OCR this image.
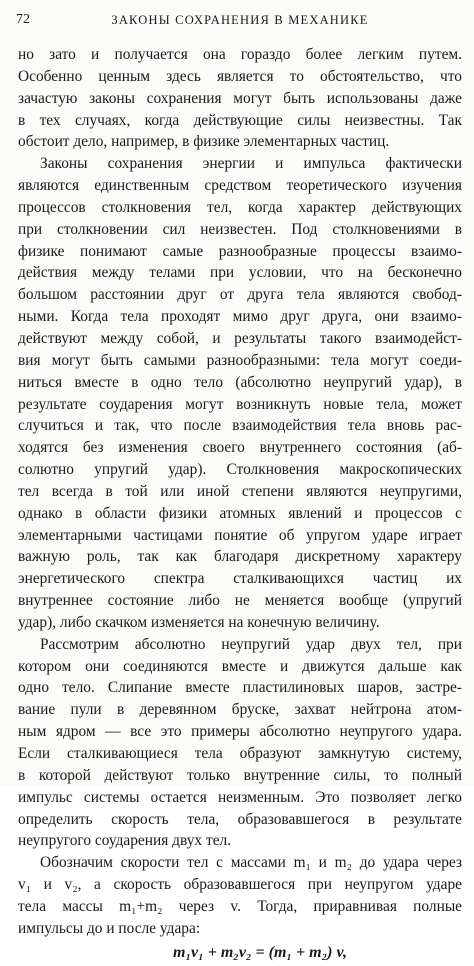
72	ЗАКОНЫ СОХРАНЕНИЯ В МЕХАНИКЕ
но зато и получается она гораздо более легким путем.
Особенно ценным здесь является то обстоятельство, что
зачастую законы сохранения могут быть использованы даже
в тех случаях, когда действующие силы неизвестны. Так
обстоит дело, например, в физике элементарных частиц.
Законы сохранения энергии и импульса фактически
являются единственным средством теоретического изучения
процессов столкновения тел, когда характер действующих
при столкновении сил неизвестен. Под столкновениями в
физике понимают самые разнообразные процессы взаимо-
действия между телами при условии, что на бесконечно
большом расстоянии друг от друга тела являются свобод-
ными. Когда тела проходят мимо друг друга, они взаимо-
действуют между собой, и результаты такого взаимодейст-
вия могут быть самыми разнообразными: тела могут соеди-
ниться вместе в одно тело (абсолютно неупругий удар), в
результате соударения могут возникнуть новые тела, может
случиться и так, что после взаимодействия тела вновь рас-
ходятся без изменения своего внутреннего состояния (аб-
солютно упругий удар). Столкновения макроскопических
тел всегда в той или иной степени являются неупругими,
однако в области физики атомных явлений и процессов с
элементарными частицами понятие об упругом ударе играет
важную роль, так как благодаря дискретному характеру
энергетического спектра сталкивающихся частиц их
внутреннее состояние либо не меняется вообще (упругий
удар), либо скачком изменяется на конечную величину.
Рассмотрим абсолютно неупругий удар двух тел, при
котором они соединяются вместе и движутся дальше как
одно тело. Слипание вместе пластилиновых шаров, застре-
вание пули в деревянном бруске, захват нейтрона атом-
ным ядром — все это примеры абсолютно неупругого удара.
Если сталкивающиеся тела образуют замкнутую систему,
в которой действуют только внутренние силы, то полный
импульс системы остается неизменным. Это позволяет легко
определить скорость тела, образовавшегося в результате
неупругого соударения двух тел.
Обозначим скорости тел с массами m₁ и m₂ до удара через
v₁ и v₂, а скорость образовавшегося при неупругом ударе
тела массы m₁+m₂ через v. Тогда, приравнивая полные
импульсы до и после удара:
m₁v₁ + m₂v₂ = (m₁ + m₂) v,
